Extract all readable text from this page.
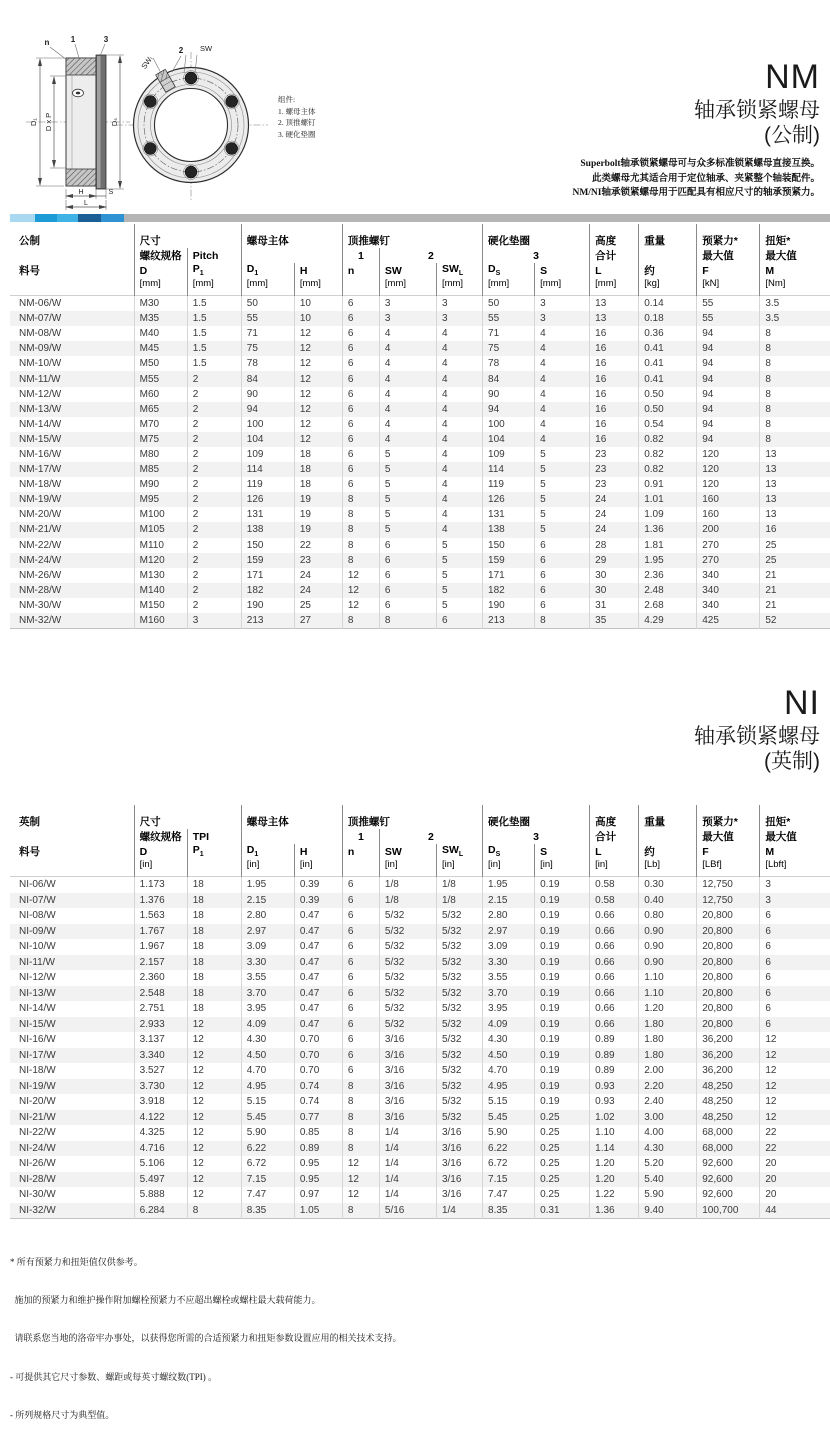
n	1	3
D₁ D x P	Dₛ
H	S
L
SWₗ
2 SW
组件:
1. 螺母主体
2. 顶推螺钉
3. 硬化垫圈
NM
轴承锁紧螺母
(公制)
Superbolt轴承锁紧螺母可与众多标准锁紧螺母直接互换。
此类螺母尤其适合用于定位轴承、夹紧整个轴装配件。
NM/NI轴承锁紧螺母用于匹配具有相应尺寸的轴承预紧力。
公制	尺寸		螺母主体		顶推螺钉			硬化垫圈		高度	重量	预紧力*	扭矩*
	螺纹规格	Pitch			1	2		3		合计		最大值	最大值
料号	D	$P_1$	$D_1$	H	n	SW	$SW_L$	$D_S$	S	L	约	F	M
	[mm]	[mm]	[mm]	[mm]		[mm]	[mm]	[mm]	[mm]	[mm]	[kg]	[kN]	[Nm]
NM-06/W	M30	1.5	50	10	6	3	3	50	3	13	0.14	55	3.5
NM-07/W	M35	1.5	55	10	6	3	3	55	3	13	0.18	55	3.5
NM-08/W	M40	1.5	71	12	6	4	4	71	4	16	0.36	94	8
NM-09/W	M45	1.5	75	12	6	4	4	75	4	16	0.41	94	8
NM-10/W	M50	1.5	78	12	6	4	4	78	4	16	0.41	94	8
NM-11/W	M55	2	84	12	6	4	4	84	4	16	0.41	94	8
NM-12/W	M60	2	90	12	6	4	4	90	4	16	0.50	94	8
NM-13/W	M65	2	94	12	6	4	4	94	4	16	0.50	94	8
NM-14/W	M70	2	100	12	6	4	4	100	4	16	0.54	94	8
NM-15/W	M75	2	104	12	6	4	4	104	4	16	0.82	94	8
NM-16/W	M80	2	109	18	6	5	4	109	5	23	0.82	120	13
NM-17/W	M85	2	114	18	6	5	4	114	5	23	0.82	120	13
NM-18/W	M90	2	119	18	6	5	4	119	5	23	0.91	120	13
NM-19/W	M95	2	126	19	8	5	4	126	5	24	1.01	160	13
NM-20/W	M100	2	131	19	8	5	4	131	5	24	1.09	160	13
NM-21/W	M105	2	138	19	8	5	4	138	5	24	1.36	200	16
NM-22/W	M110	2	150	22	8	6	5	150	6	28	1.81	270	25
NM-24/W	M120	2	159	23	8	6	5	159	6	29	1.95	270	25
NM-26/W	M130	2	171	24	12	6	5	171	6	30	2.36	340	21
NM-28/W	M140	2	182	24	12	6	5	182	6	30	2.48	340	21
NM-30/W	M150	2	190	25	12	6	5	190	6	31	2.68	340	21
NM-32/W	M160	3	213	27	8	8	6	213	8	35	4.29	425	52
NI
轴承锁紧螺母
(英制)
英制	尺寸		螺母主体		顶推螺钉			硬化垫圈		高度	重量	预紧力*	扭矩*
	螺纹规格	TPI			1	2		3		合计		最大值	最大值
料号	D	$P_1$	$D_1$	H	n	SW	$SW_L$	$D_S$	S	L	约	F	M
	[in]		[in]	[in]		[in]	[in]	[in]	[in]	[in]	[Lb]	[LBf]	[Lbft]
NI-06/W	1.173	18	1.95	0.39	6	1/8	1/8	1.95	0.19	0.58	0.30	12,750	3
NI-07/W	1.376	18	2.15	0.39	6	1/8	1/8	2.15	0.19	0.58	0.40	12,750	3
NI-08/W	1.563	18	2.80	0.47	6	5/32	5/32	2.80	0.19	0.66	0.80	20,800	6
NI-09/W	1.767	18	2.97	0.47	6	5/32	5/32	2.97	0.19	0.66	0.90	20,800	6
NI-10/W	1.967	18	3.09	0.47	6	5/32	5/32	3.09	0.19	0.66	0.90	20,800	6
NI-11/W	2.157	18	3.30	0.47	6	5/32	5/32	3.30	0.19	0.66	0.90	20,800	6
NI-12/W	2.360	18	3.55	0.47	6	5/32	5/32	3.55	0.19	0.66	1.10	20,800	6
NI-13/W	2.548	18	3.70	0.47	6	5/32	5/32	3.70	0.19	0.66	1.10	20,800	6
NI-14/W	2.751	18	3.95	0.47	6	5/32	5/32	3.95	0.19	0.66	1.20	20,800	6
NI-15/W	2.933	12	4.09	0.47	6	5/32	5/32	4.09	0.19	0.66	1.80	20,800	6
NI-16/W	3.137	12	4.30	0.70	6	3/16	5/32	4.30	0.19	0.89	1.80	36,200	12
NI-17/W	3.340	12	4.50	0.70	6	3/16	5/32	4.50	0.19	0.89	1.80	36,200	12
NI-18/W	3.527	12	4.70	0.70	6	3/16	5/32	4.70	0.19	0.89	2.00	36,200	12
NI-19/W	3.730	12	4.95	0.74	8	3/16	5/32	4.95	0.19	0.93	2.20	48,250	12
NI-20/W	3.918	12	5.15	0.74	8	3/16	5/32	5.15	0.19	0.93	2.40	48,250	12
NI-21/W	4.122	12	5.45	0.77	8	3/16	5/32	5.45	0.25	1.02	3.00	48,250	12
NI-22/W	4.325	12	5.90	0.85	8	1/4	3/16	5.90	0.25	1.10	4.00	68,000	22
NI-24/W	4.716	12	6.22	0.89	8	1/4	3/16	6.22	0.25	1.14	4.30	68,000	22
NI-26/W	5.106	12	6.72	0.95	12	1/4	3/16	6.72	0.25	1.20	5.20	92,600	20
NI-28/W	5.497	12	7.15	0.95	12	1/4	3/16	7.15	0.25	1.20	5.40	92,600	20
NI-30/W	5.888	12	7.47	0.97	12	1/4	3/16	7.47	0.25	1.22	5.90	92,600	20
NI-32/W	6.284	8	8.35	1.05	8	5/16	1/4	8.35	0.31	1.36	9.40	100,700	44

* 所有预紧力和扭矩值仅供参考。

施加的预紧力和维护操作附加螺栓预紧力不应超出螺栓或螺柱最大载荷能力。

请联系您当地的洛帝牢办事处，以获得您所需的合适预紧力和扭矩参数设置应用的相关技术支持。

- 可提供其它尺寸参数、螺距或每英寸螺纹数(TPI) 。

- 所列规格尺寸为典型值。
